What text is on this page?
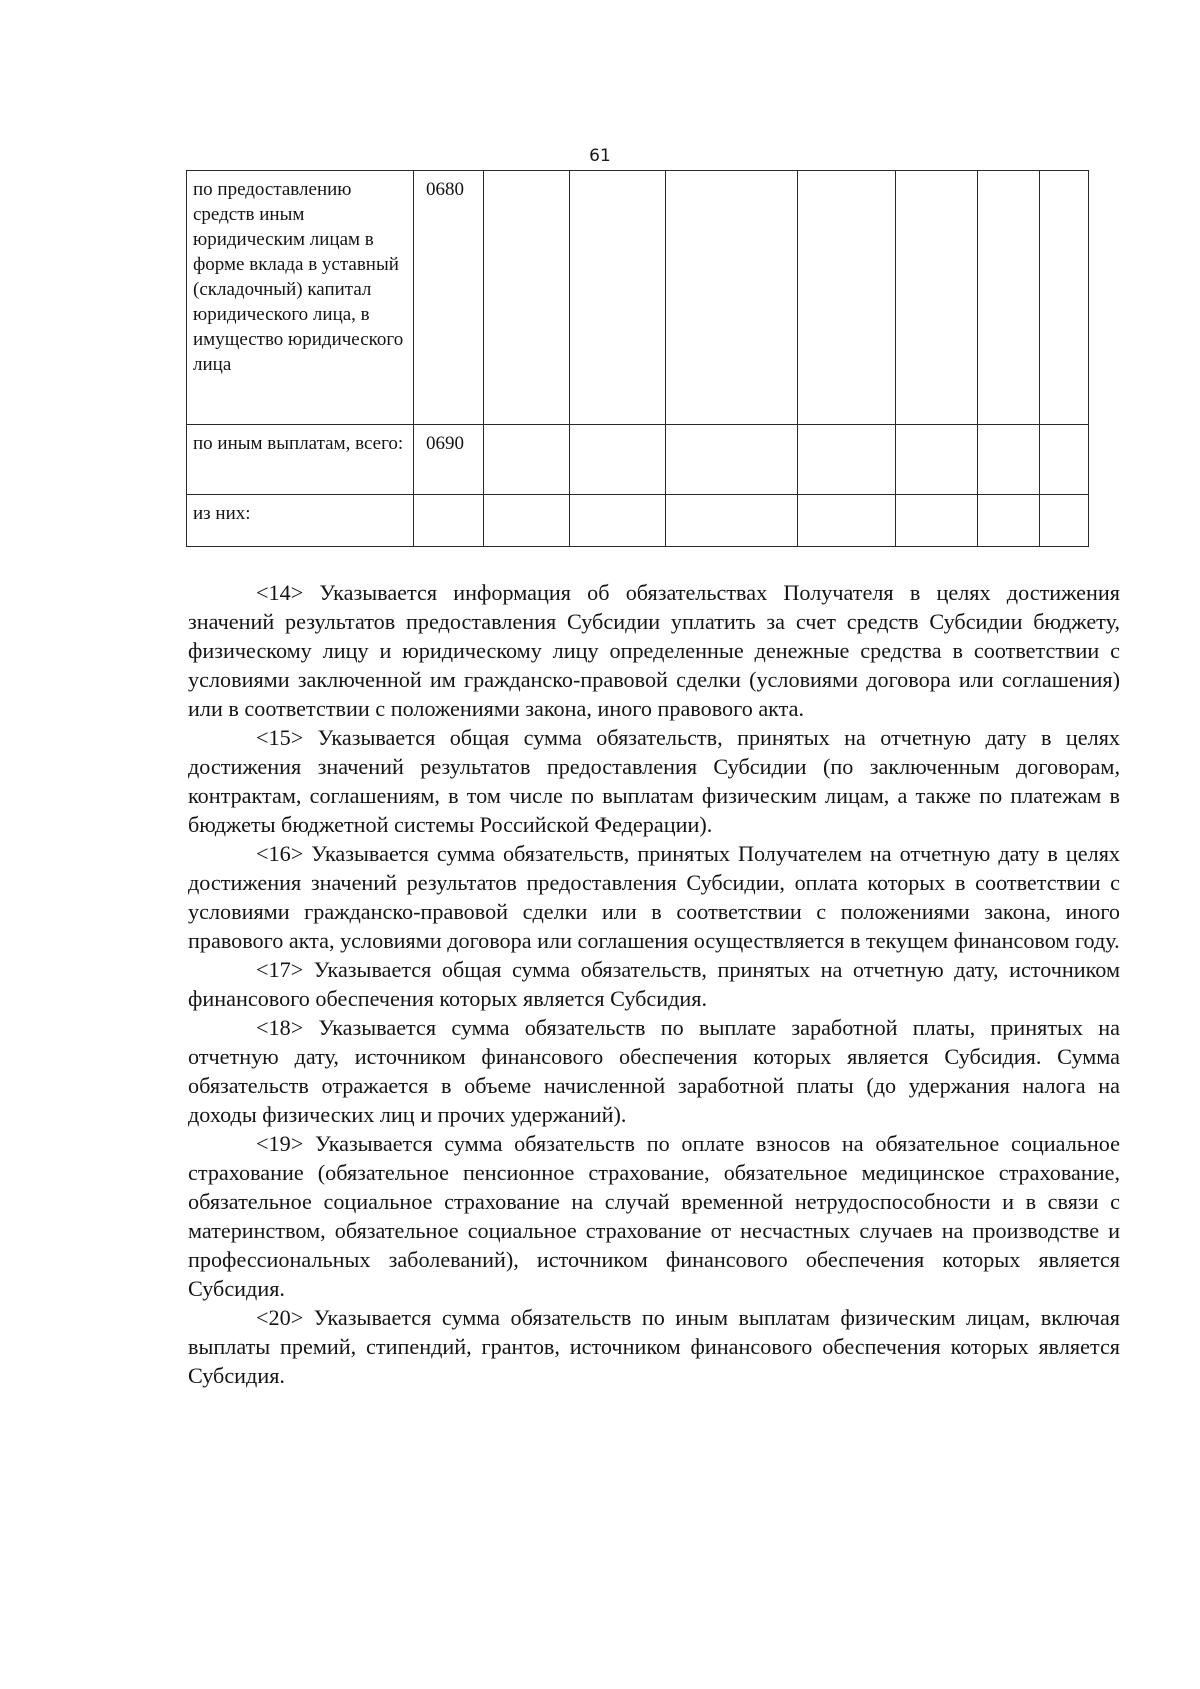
61
по предоставлению средств иным юридическим лицам в форме вклада в уставный (складочный) капитал юридического лица, в имущество юридического лица	0680							
по иным выплатам, всего:	0690							
из них:								

<14> Указывается информация об обязательствах Получателя в целях достижения значений результатов предоставления Субсидии уплатить за счет средств Субсидии бюджету, физическому лицу и юридическому лицу определенные денежные средства в соответствии с условиями заключенной им гражданско-правовой сделки (условиями договора или соглашения) или в соответствии с положениями закона, иного правового акта.

<15> Указывается общая сумма обязательств, принятых на отчетную дату в целях достижения значений результатов предоставления Субсидии (по заключенным договорам, контрактам, соглашениям, в том числе по выплатам физическим лицам, а также по платежам в бюджеты бюджетной системы Российской Федерации).

<16> Указывается сумма обязательств, принятых Получателем на отчетную дату в целях достижения значений результатов предоставления Субсидии, оплата которых в соответствии с условиями гражданско-правовой сделки или в соответствии с положениями закона, иного правового акта, условиями договора или соглашения осуществляется в текущем финансовом году.

<17> Указывается общая сумма обязательств, принятых на отчетную дату, источником финансового обеспечения которых является Субсидия.

<18> Указывается сумма обязательств по выплате заработной платы, принятых на отчетную дату, источником финансового обеспечения которых является Субсидия. Сумма обязательств отражается в объеме начисленной заработной платы (до удержания налога на доходы физических лиц и прочих удержаний).

<19> Указывается сумма обязательств по оплате взносов на обязательное социальное страхование (обязательное пенсионное страхование, обязательное медицинское страхование, обязательное социальное страхование на случай временной нетрудоспособности и в связи с материнством, обязательное социальное страхование от несчастных случаев на производстве и профессиональных заболеваний), источником финансового обеспечения которых является Субсидия.

<20> Указывается сумма обязательств по иным выплатам физическим лицам, включая выплаты премий, стипендий, грантов, источником финансового обеспечения которых является Субсидия.
